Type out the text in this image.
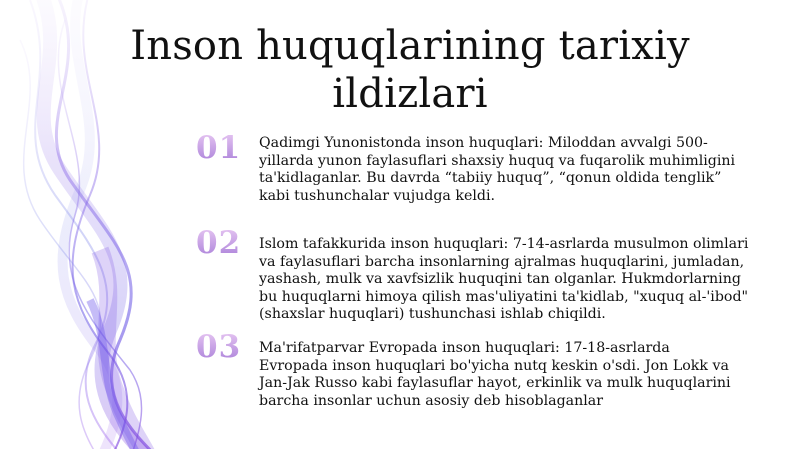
Inson huquqlarining tarixiy ildizlari
01 Qadimgi Yunonistonda inson huquqlari: Miloddan avvalgi 500-yillarda yunon faylasuflari shaxsiy huquq va fuqarolik muhimligini ta'kidlaganlar. Bu davrda “tabiiy huquq”, “qonun oldida tenglik” kabi tushunchalar vujudga keldi.

02 Islom tafakkurida inson huquqlari: 7-14-asrlarda musulmon olimlari va faylasuflari barcha insonlarning ajralmas huquqlarini, jumladan, yashash, mulk va xavfsizlik huquqini tan olganlar. Hukmdorlarning bu huquqlarni himoya qilish mas'uliyatini ta'kidlab, "xuquq al-'ibod" (shaxslar huquqlari) tushunchasi ishlab chiqildi.

03 Ma'rifatparvar Evropada inson huquqlari: 17-18-asrlarda Evropada inson huquqlari bo'yicha nutq keskin o'sdi. Jon Lokk va Jan-Jak Russo kabi faylasuflar hayot, erkinlik va mulk huquqlarini barcha insonlar uchun asosiy deb hisoblaganlar
